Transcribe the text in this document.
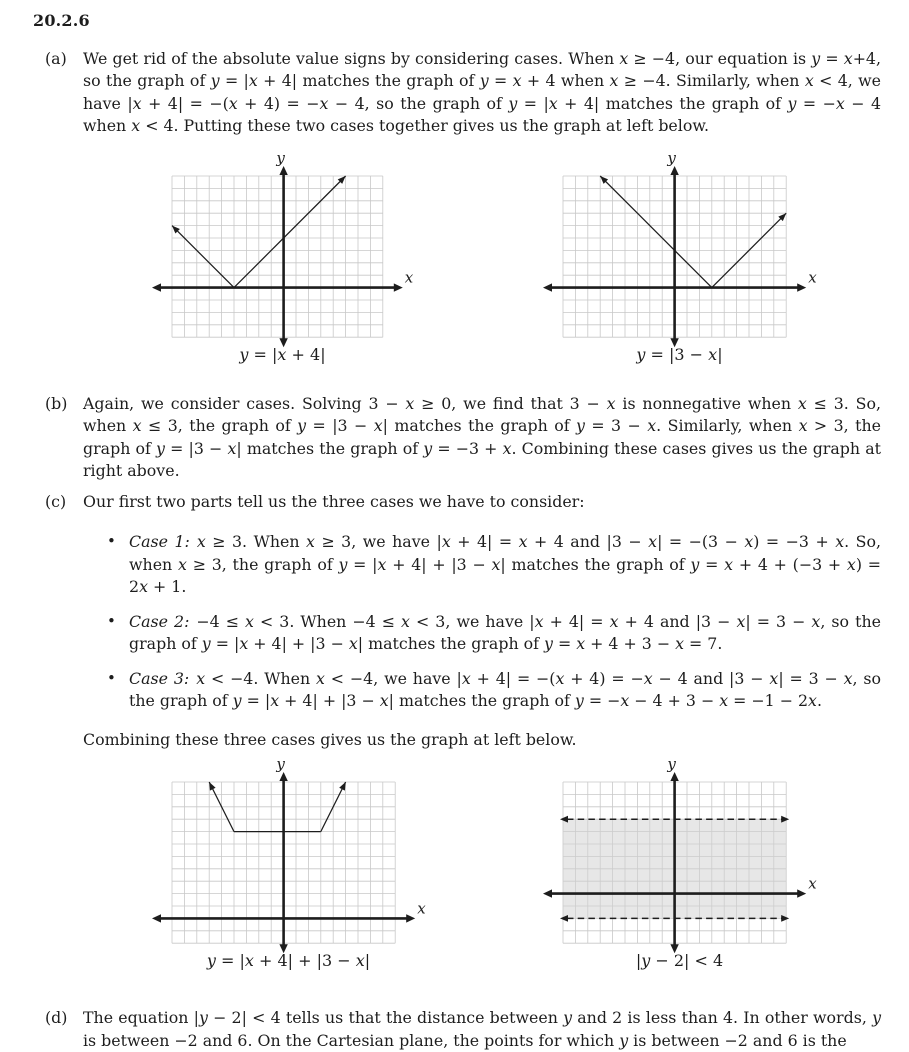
20.2.6
(a)	We get rid of the absolute value signs by considering cases. When x ≥ −4, our equation is y = x+4, so the graph of y = |x + 4| matches the graph of y = x + 4 when x ≥ −4. Similarly, when x < 4, we have |x + 4| = −(x + 4) = −x − 4, so the graph of y = |x + 4| matches the graph of y = −x − 4 when x < 4. Putting these two cases together gives us the graph at left below.
x
y
y = |x + 4|
x
y
y = |3 − x|
(b) Again, we consider cases. Solving 3 − x ≥ 0, we find that 3 − x is nonnegative when x ≤ 3. So, when x ≤ 3, the graph of y = |3 − x| matches the graph of y = 3 − x. Similarly, when x > 3, the graph of y = |3 − x| matches the graph of y = −3 + x. Combining these cases gives us the graph at right above.
(c)	Our first two parts tell us the three cases we have to consider:
• Case 1: x ≥ 3. When x ≥ 3, we have |x + 4| = x + 4 and |3 − x| = −(3 − x) = −3 + x. So, when x ≥ 3, the graph of y = |x + 4| + |3 − x| matches the graph of y = x + 4 + (−3 + x) = 2x + 1.
• Case 2: −4 ≤ x < 3. When −4 ≤ x < 3, we have |x + 4| = x + 4 and |3 − x| = 3 − x, so the graph of y = |x + 4| + |3 − x| matches the graph of y = x + 4 + 3 − x = 7.
• Case 3: x < −4. When x < −4, we have |x + 4| = −(x + 4) = −x − 4 and |3 − x| = 3 − x, so the graph of y = |x + 4| + |3 − x| matches the graph of y = −x − 4 + 3 − x = −1 − 2x.
Combining these three cases gives us the graph at left below.
x
y
y = |x + 4| + |3 − x|
x
y
|y − 2| < 4
(d) The equation |y − 2| < 4 tells us that the distance between y and 2 is less than 4. In other words, y is between −2 and 6. On the Cartesian plane, the points for which y is between −2 and 6 is the
